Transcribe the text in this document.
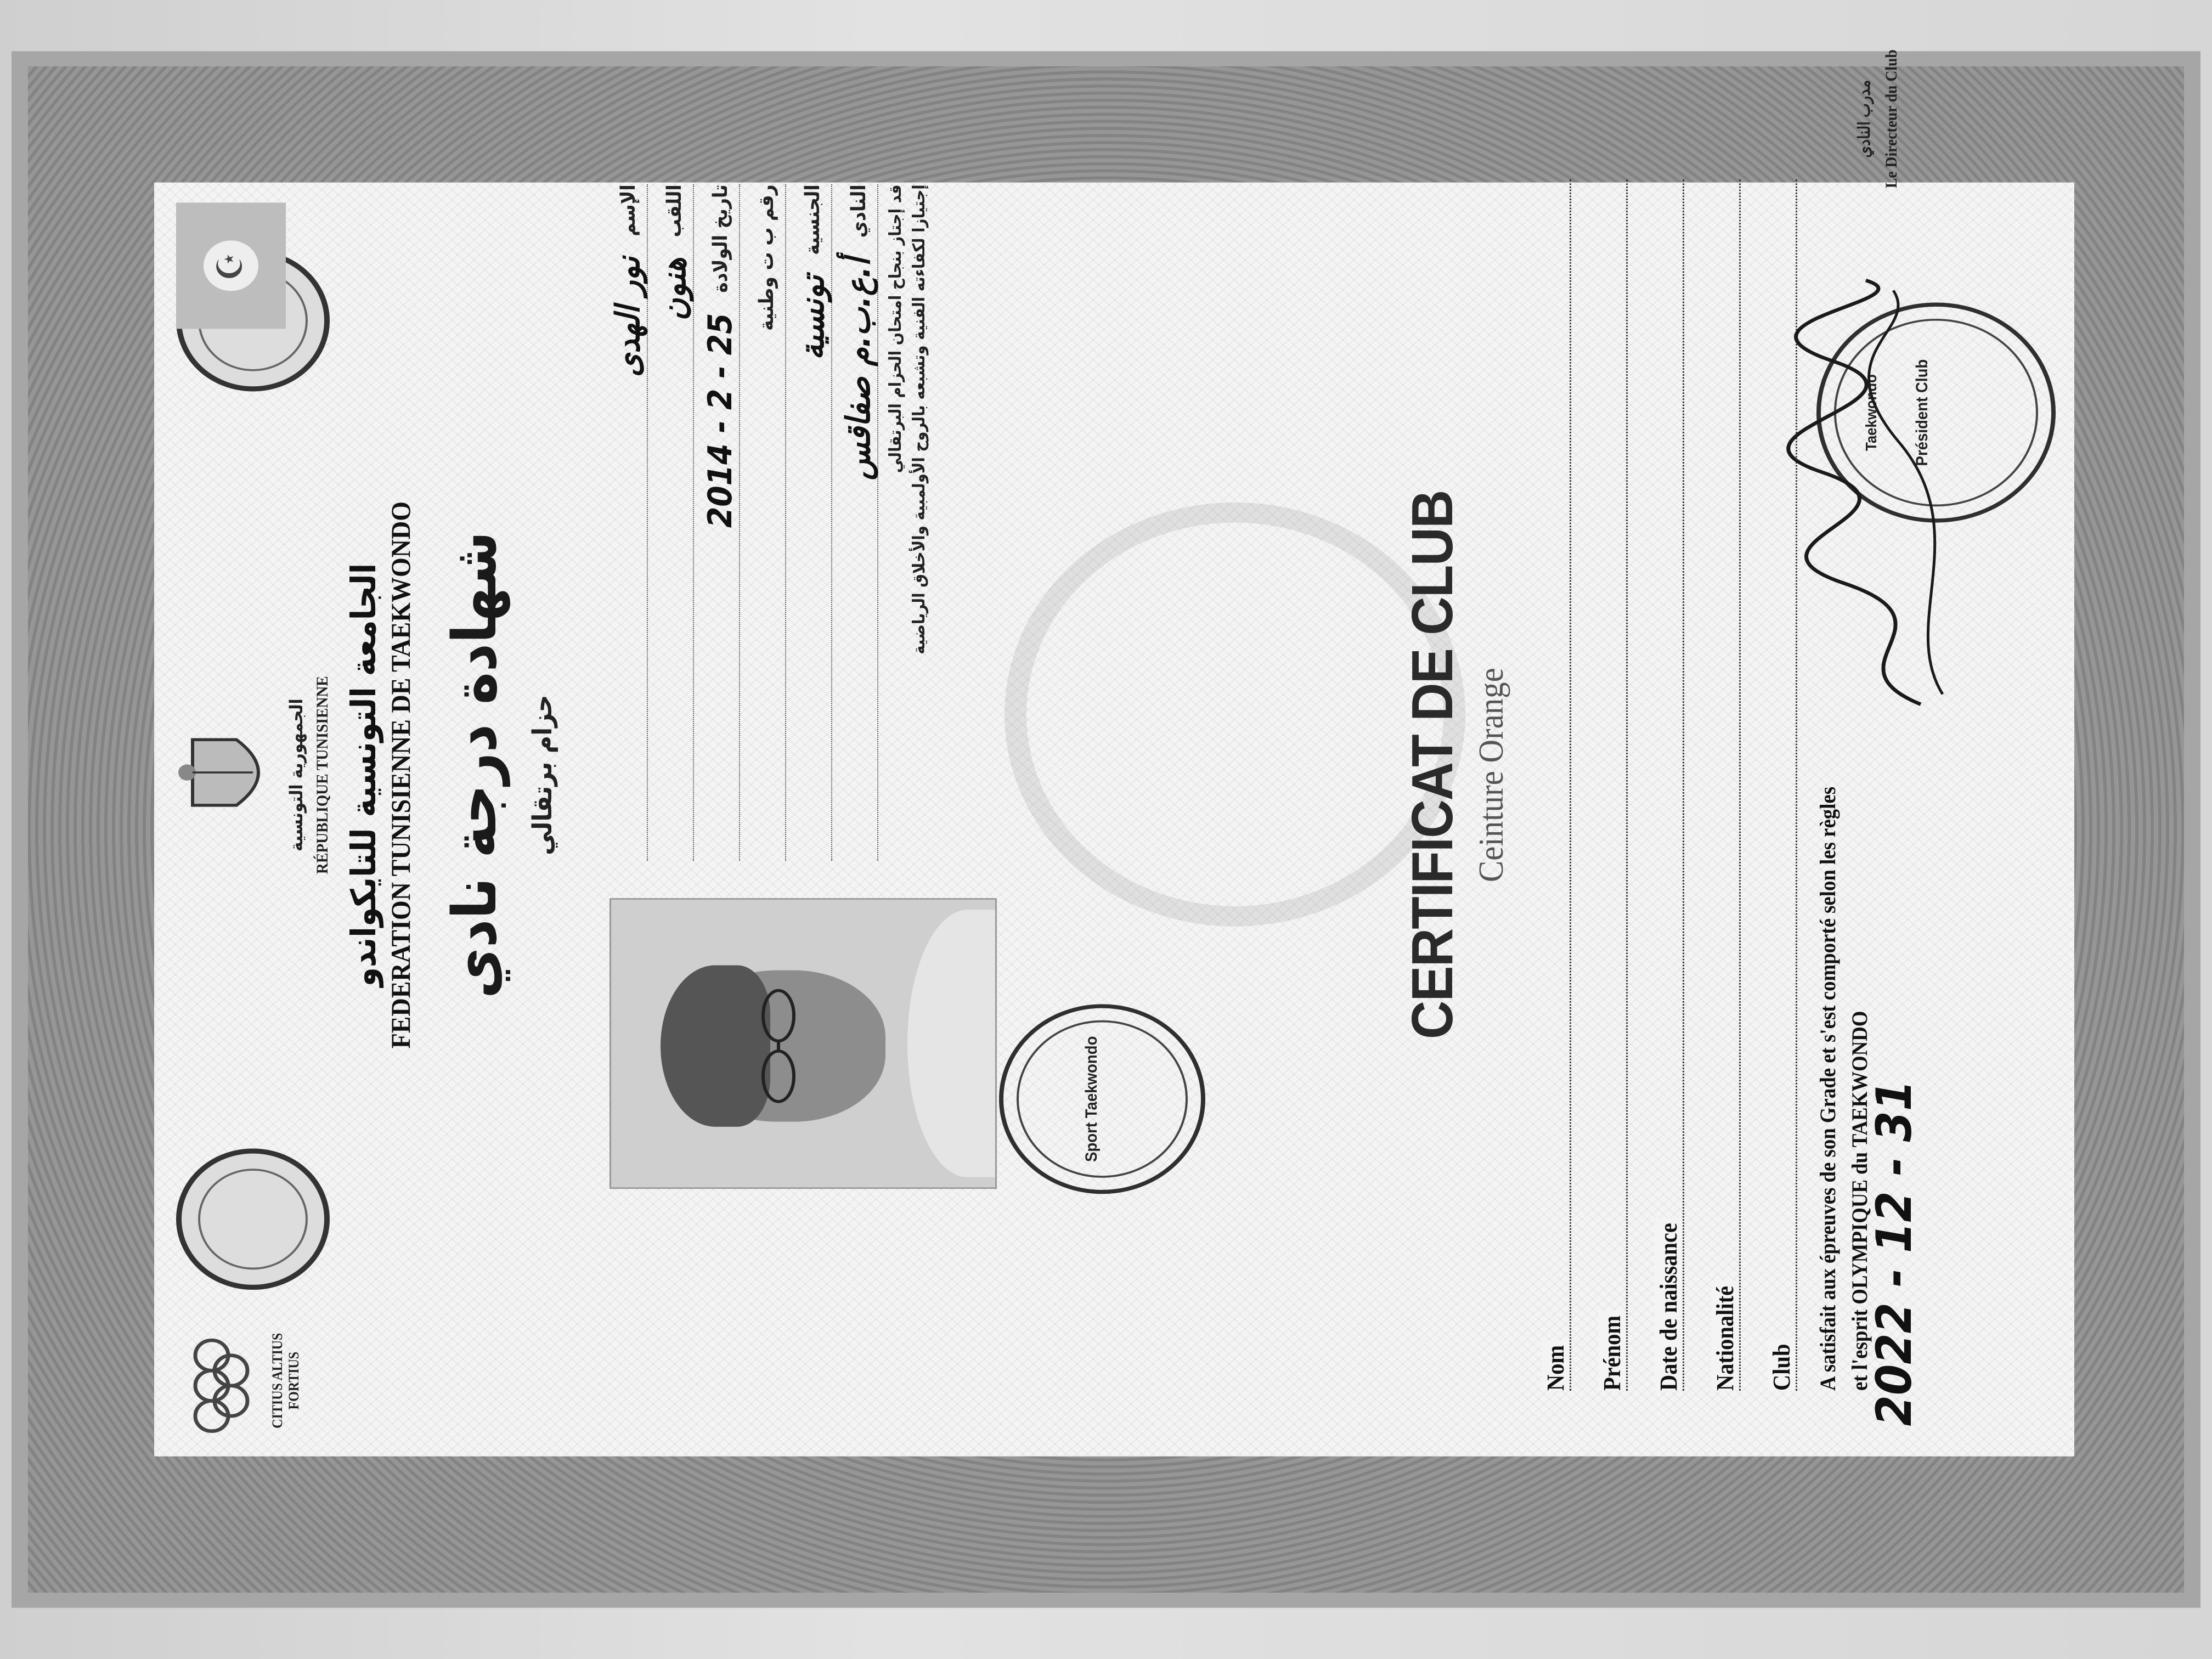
CITIUS ALTIUS FORTIUS
☪
الجمهورية التونسية RÉPUBLIQUE TUNISIENNE الجامعة التونسية للتايكواندو FEDERATION TUNISIENNE DE TAEKWONDO شهادة درجة نادي حزام برتقالي
الإسم
نور الهدى
اللقب
هنون تاريخ الولادة
25 - 2 - 2014
رقم ب ت وطنية الجنسية
تونسية
النادي
أ.ع.ب.م صفاقس قد إجتاز بنجاح امتحان الحزام البرتقالي إجتيازا لكفاءته الفنية وتشبعه بالروح الأولمبية والأخلاق الرياضية
CERTIFICAT DE CLUB Ceinture Orange
Nom Prénom Date de naissance Nationalité Club A satisfait aux épreuves de son Grade et s'est comporté selon les règles et l'esprit OLYMPIQUE du TAEKWONDO
Sport Taekwondo
Président Club
Taekwondo
Le Directeur du Club
مدرب النادي
2022 - 12 - 31
